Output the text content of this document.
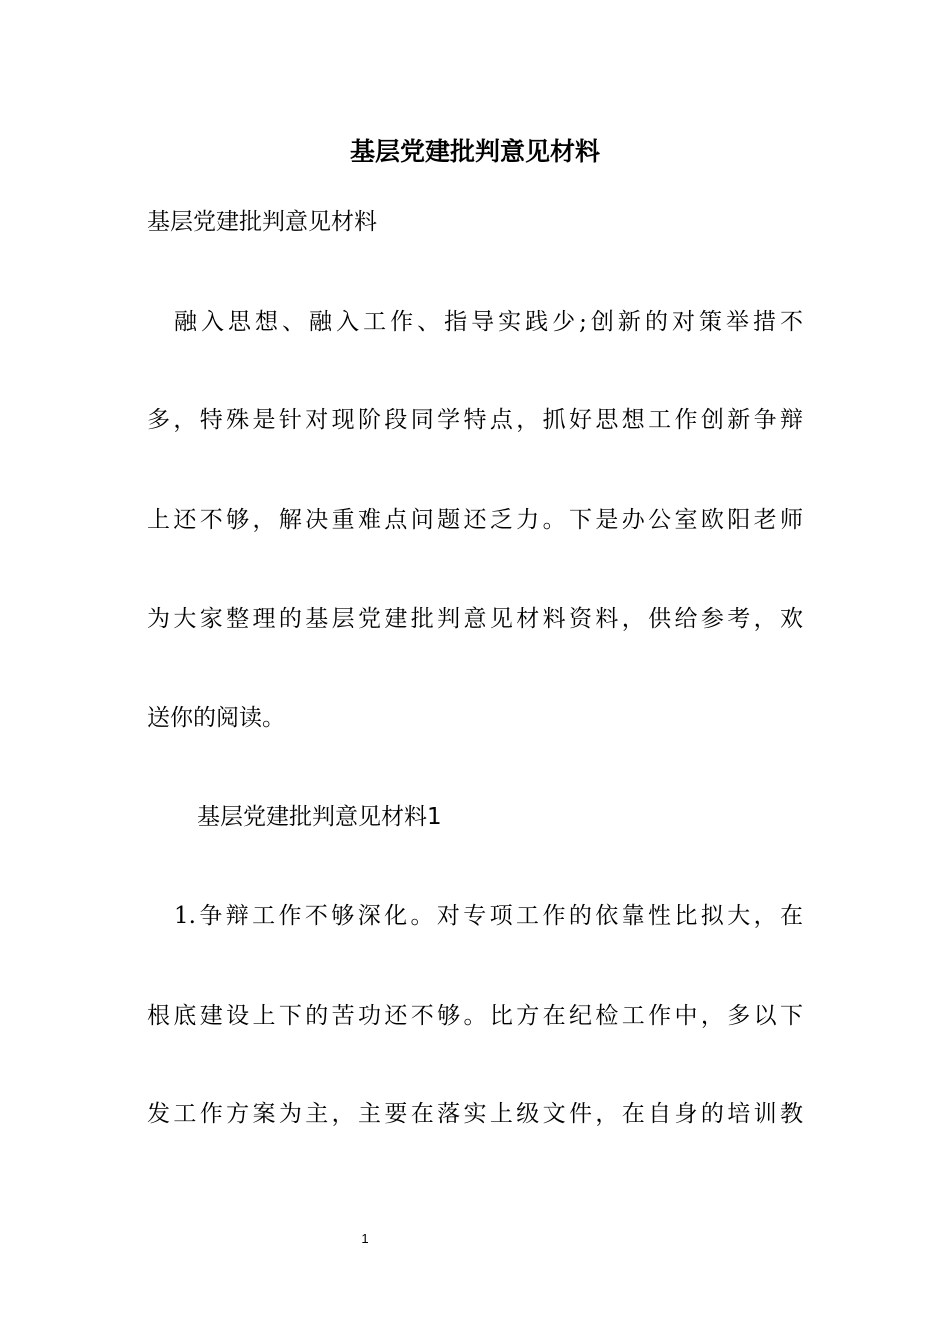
基层党建批判意见材料

基层党建批判意见材料

融入思想、融入工作、指导实践少;创新的对策举措不

多，特殊是针对现阶段同学特点，抓好思想工作创新争辩

上还不够，解决重难点问题还乏力。下是办公室欧阳老师

为大家整理的基层党建批判意见材料资料，供给参考，欢

送你的阅读。

基层党建批判意见材料1

1.争辩工作不够深化。对专项工作的依靠性比拟大，在

根底建设上下的苦功还不够。比方在纪检工作中，多以下

发工作方案为主，主要在落实上级文件，在自身的培训教

1
